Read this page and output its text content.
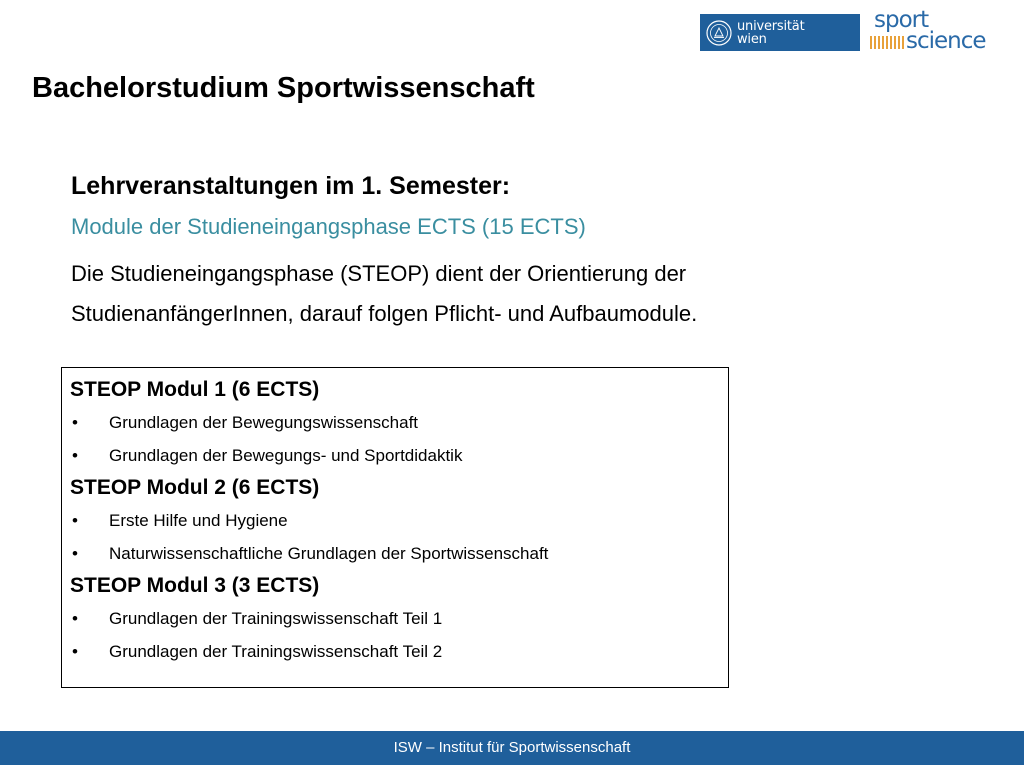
universität
wien
sport
science
Bachelorstudium Sportwissenschaft
Lehrveranstaltungen im 1. Semester:
Module der Studieneingangsphase ECTS (15 ECTS)
Die Studieneingangsphase (STEOP) dient der Orientierung der
StudienanfängerInnen, darauf folgen Pflicht- und Aufbaumodule.
STEOP Modul 1 (6 ECTS)
•	Grundlagen der Bewegungswissenschaft
•	Grundlagen der Bewegungs- und Sportdidaktik
STEOP Modul 2 (6 ECTS)
•	Erste Hilfe und Hygiene
•	Naturwissenschaftliche Grundlagen der Sportwissenschaft
STEOP Modul 3 (3 ECTS)
•	Grundlagen der Trainingswissenschaft Teil 1
•	Grundlagen der Trainingswissenschaft Teil 2
ISW – Institut für Sportwissenschaft
